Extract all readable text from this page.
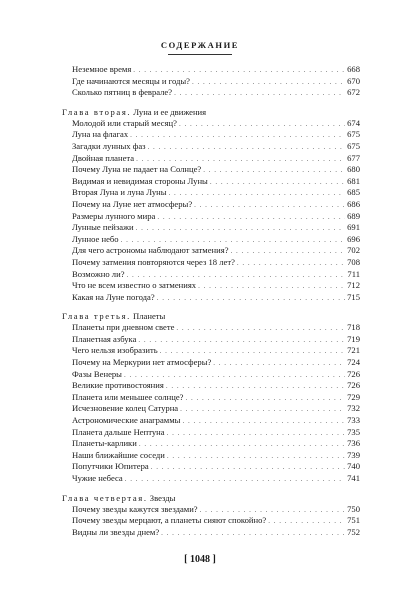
СОДЕРЖАНИЕ
Неземное время . . .	668
Где начинаются месяцы и годы? . . .	670
Сколько пятниц в феврале? . . .	672
Глава вторая. Луна и ее движения
Молодой или старый месяц? . . .	674
Луна на флагах . . .	675
Загадки лунных фаз . . .	675
Двойная планета . . .	677
Почему Луна не падает на Солнце? . . .	680
Видимая и невидимая стороны Луны . . .	681
Вторая Луна и луна Луны . . .	685
Почему на Луне нет атмосферы? . . .	686
Размеры лунного мира . . .	689
Лунные пейзажи . . .	691
Лунное небо . . .	696
Для чего астрономы наблюдают затмения? . . .	702
Почему затмения повторяются через 18 лет? . . .	708
Возможно ли? . . .	711
Что не всем известно о затмениях . . .	712
Какая на Луне погода? . . .	715
Глава третья. Планеты
Планеты при дневном свете . . .	718
Планетная азбука . . .	719
Чего нельзя изобразить . . .	721
Почему на Меркурии нет атмосферы? . . .	724
Фазы Венеры . . .	726
Великие противостояния . . .	726
Планета или меньшее солнце? . . .	729
Исчезновение колец Сатурна . . .	732
Астрономические анаграммы . . .	733
Планета дальше Нептуна . . .	735
Планеты-карлики . . .	736
Наши ближайшие соседи . . .	739
Попутчики Юпитера . . .	740
Чужие небеса . . .	741
Глава четвертая. Звезды
Почему звезды кажутся звездами? . . .	750
Почему звезды мерцают, а планеты сияют спокойно? . . .	751
Видны ли звезды днем? . . .	752
[ 1048 ]
